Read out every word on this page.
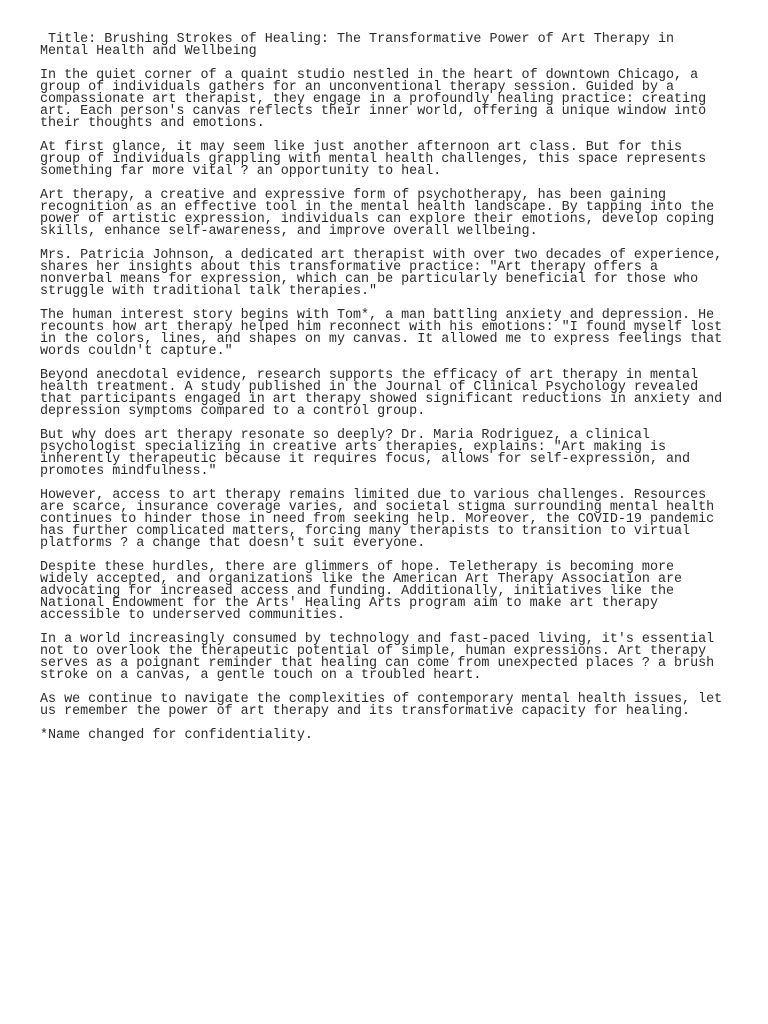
Title: Brushing Strokes of Healing: The Transformative Power of Art Therapy in
Mental Health and Wellbeing

In the quiet corner of a quaint studio nestled in the heart of downtown Chicago, a
group of individuals gathers for an unconventional therapy session. Guided by a
compassionate art therapist, they engage in a profoundly healing practice: creating
art. Each person's canvas reflects their inner world, offering a unique window into
their thoughts and emotions.

At first glance, it may seem like just another afternoon art class. But for this
group of individuals grappling with mental health challenges, this space represents
something far more vital ? an opportunity to heal.

Art therapy, a creative and expressive form of psychotherapy, has been gaining
recognition as an effective tool in the mental health landscape. By tapping into the
power of artistic expression, individuals can explore their emotions, develop coping
skills, enhance self-awareness, and improve overall wellbeing.

Mrs. Patricia Johnson, a dedicated art therapist with over two decades of experience,
shares her insights about this transformative practice: "Art therapy offers a
nonverbal means for expression, which can be particularly beneficial for those who
struggle with traditional talk therapies."

The human interest story begins with Tom*, a man battling anxiety and depression. He
recounts how art therapy helped him reconnect with his emotions: "I found myself lost
in the colors, lines, and shapes on my canvas. It allowed me to express feelings that
words couldn't capture."

Beyond anecdotal evidence, research supports the efficacy of art therapy in mental
health treatment. A study published in the Journal of Clinical Psychology revealed
that participants engaged in art therapy showed significant reductions in anxiety and
depression symptoms compared to a control group.

But why does art therapy resonate so deeply? Dr. Maria Rodriguez, a clinical
psychologist specializing in creative arts therapies, explains: "Art making is
inherently therapeutic because it requires focus, allows for self-expression, and
promotes mindfulness."

However, access to art therapy remains limited due to various challenges. Resources
are scarce, insurance coverage varies, and societal stigma surrounding mental health
continues to hinder those in need from seeking help. Moreover, the COVID-19 pandemic
has further complicated matters, forcing many therapists to transition to virtual
platforms ? a change that doesn't suit everyone.

Despite these hurdles, there are glimmers of hope. Teletherapy is becoming more
widely accepted, and organizations like the American Art Therapy Association are
advocating for increased access and funding. Additionally, initiatives like the
National Endowment for the Arts' Healing Arts program aim to make art therapy
accessible to underserved communities.

In a world increasingly consumed by technology and fast-paced living, it's essential
not to overlook the therapeutic potential of simple, human expressions. Art therapy
serves as a poignant reminder that healing can come from unexpected places ? a brush
stroke on a canvas, a gentle touch on a troubled heart.

As we continue to navigate the complexities of contemporary mental health issues, let
us remember the power of art therapy and its transformative capacity for healing.

*Name changed for confidentiality.
